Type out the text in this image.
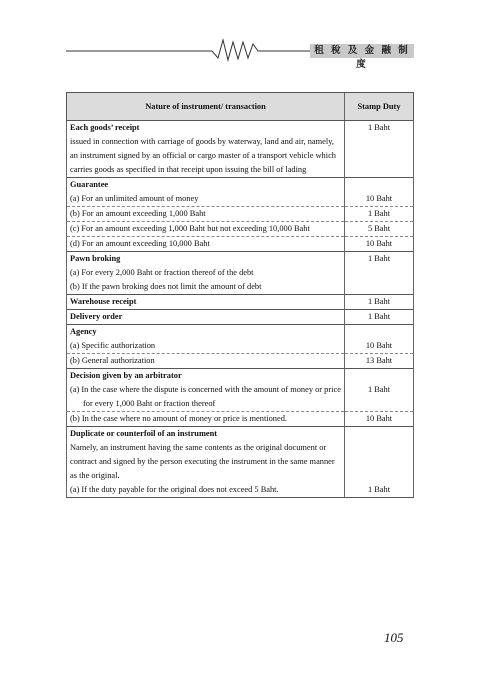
租 稅 及 金 融 制 度
Nature of instrument/ transaction	Stamp Duty
Each goods’ receipt	1 Baht
issued in connection with carriage of goods by waterway, land and air, namely, an instrument signed by an official or cargo master of a transport vehicle which carries goods as specified in that receipt upon issuing the bill of lading	
Guarantee	
(a) For an unlimited amount of money	10 Baht
(b) For an amount exceeding 1,000 Baht	1 Baht
(c) For an amount exceeding 1,000 Baht but not exceeding 10,000 Baht	5 Baht
(d) For an amount exceeding 10,000 Baht	10 Baht
Pawn broking	1 Baht
(a) For every 2,000 Baht or fraction thereof of the debt	
(b) If the pawn broking does not limit the amount of debt	
Warehouse receipt	1 Baht

Delivery order	1 Baht

Agency	
(a) Specific authorization	10 Baht
(b) General authorization	13 Baht

Decision given by an arbitrator	
(a) In the case where the dispute is concerned with the amount of money or price for every 1,000 Baht or fraction thereof	1 Baht
(b) In the case where no amount of money or price is mentioned.	10 Baht

Duplicate or counterfoil of an instrument	
Namely, an instrument having the same contents as the original document or contract and signed by the person executing the instrument in the same manner as the original.	
(a) If the duty payable for the original does not exceed 5 Baht.	1 Baht
105
